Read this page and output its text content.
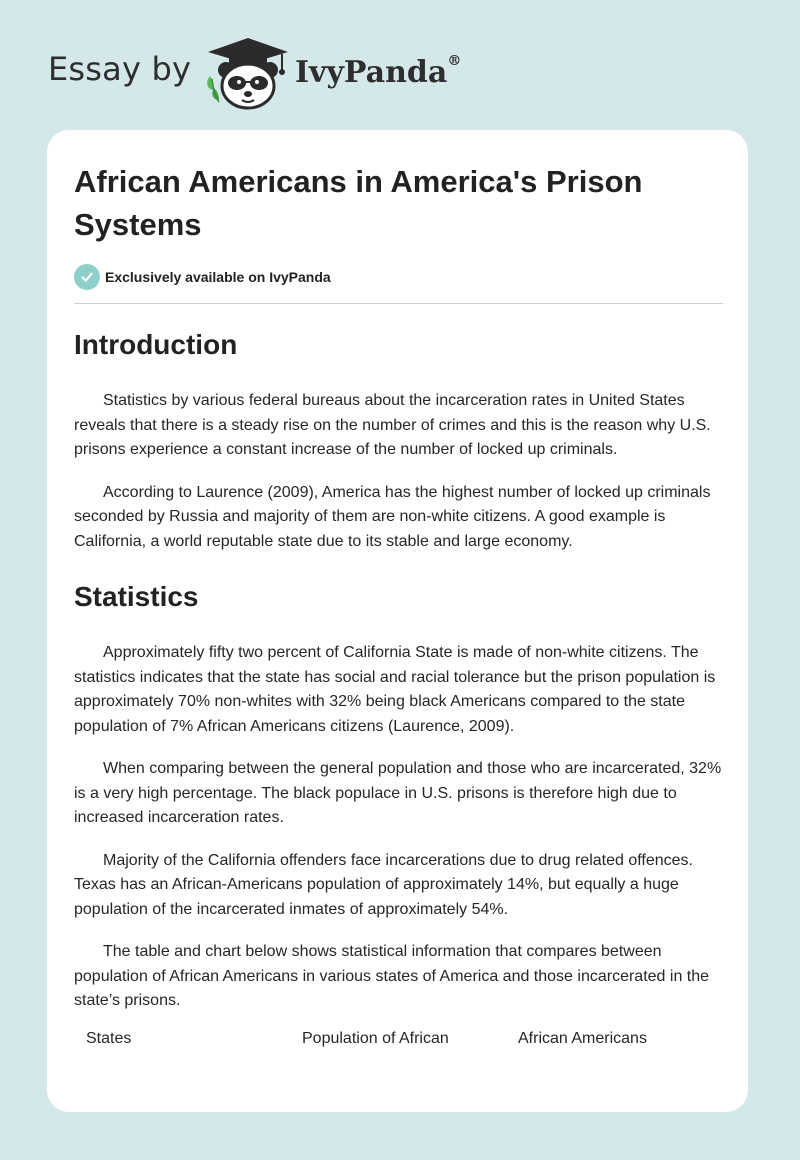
Essay by	IvyPanda®
African Americans in America's Prison Systems
Exclusively available on IvyPanda
Introduction

Statistics by various federal bureaus about the incarceration rates in United States reveals that there is a steady rise on the number of crimes and this is the reason why U.S. prisons experience a constant increase of the number of locked up criminals.

According to Laurence (2009), America has the highest number of locked up criminals seconded by Russia and majority of them are non-white citizens. A good example is California, a world reputable state due to its stable and large economy.

Statistics

Approximately fifty two percent of California State is made of non-white citizens. The statistics indicates that the state has social and racial tolerance but the prison population is approximately 70% non-whites with 32% being black Americans compared to the state population of 7% African Americans citizens (Laurence, 2009).

When comparing between the general population and those who are incarcerated, 32% is a very high percentage. The black populace in U.S. prisons is therefore high due to increased incarceration rates.

Majority of the California offenders face incarcerations due to drug related offences. Texas has an African-Americans population of approximately 14%, but equally a huge population of the incarcerated inmates of approximately 54%.

The table and chart below shows statistical information that compares between population of African Americans in various states of America and those incarcerated in the state’s prisons.

States	Population of African	African Americans
